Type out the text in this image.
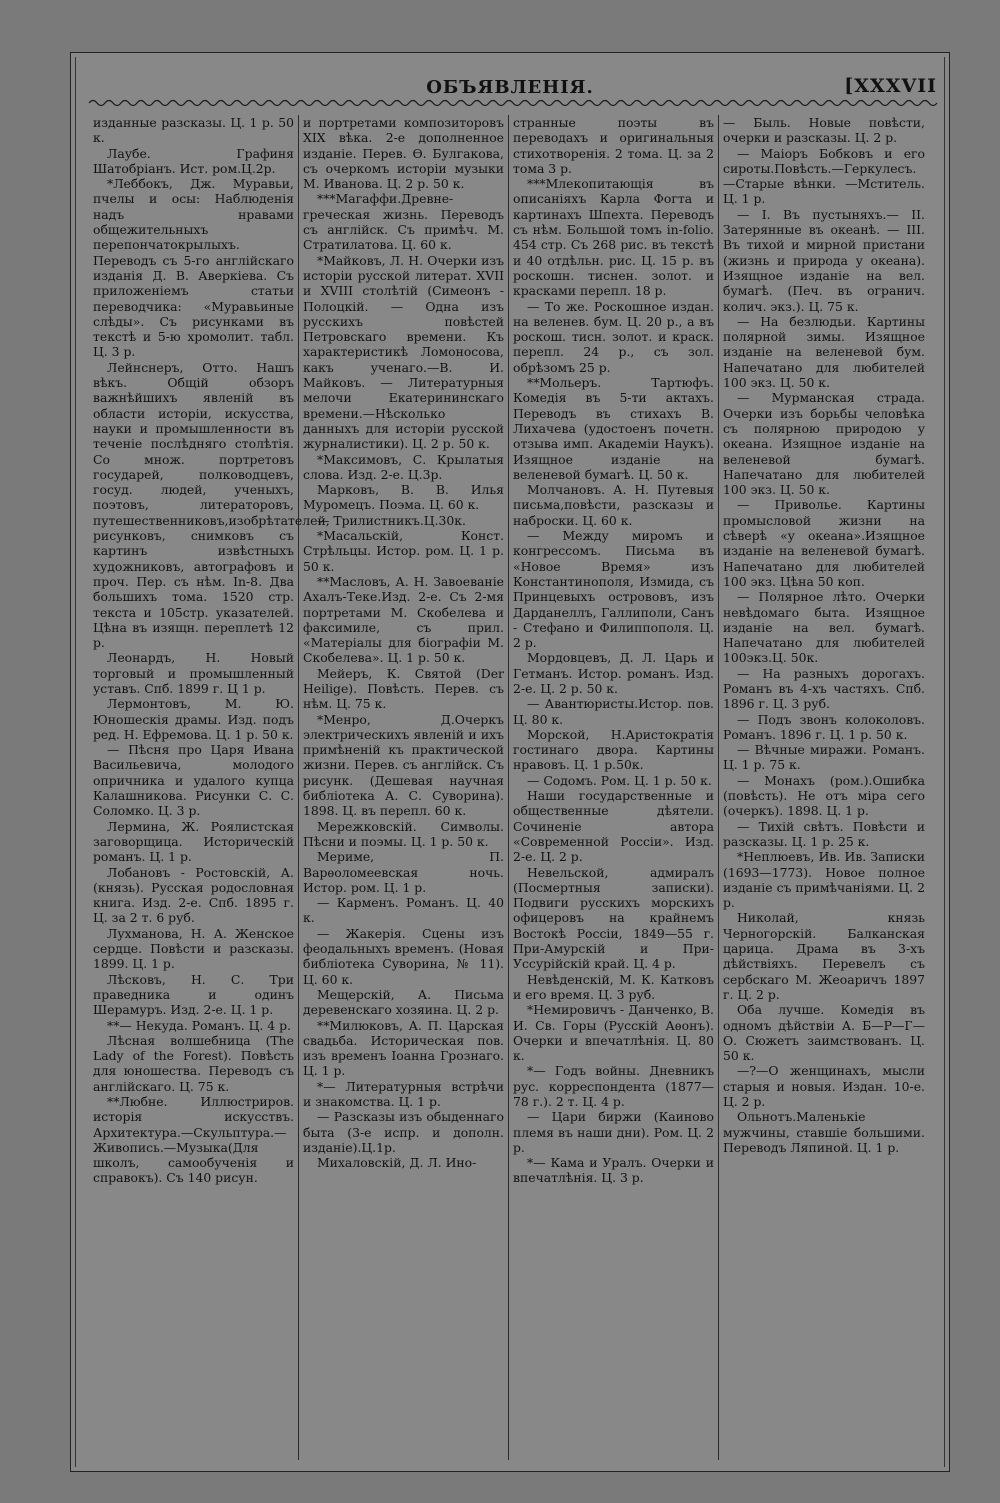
ОБЪЯВЛЕНІЯ.	[XXXVII

изданные разсказы. Ц. 1 р. 50 к.

Лаубе. Графиня Шатобріанъ. Ист. ром.Ц.2р.

*Леббокъ, Дж. Муравьи, пчелы и осы: Наблюденія надъ нравами общежительныхъ перепончатокрылыхъ. Переводъ съ 5-го англійскаго изданія Д. В. Аверкіева. Съ приложеніемъ статьи переводчика: «Муравьиные слѣды». Съ рисунками въ текстѣ и 5-ю хромолит. табл. Ц. 3 р.

Лейнснеръ, Отто. Нашъ вѣкъ. Общій обзоръ важнѣйшихъ явленій въ области исторіи, искусства, науки и промышленности въ теченіе послѣдняго столѣтія. Со множ. портретовъ государей, полководцевъ, госуд. людей, ученыхъ, поэтовъ, литераторовъ, путешественниковъ,изобрѣтателей, рисунковъ, снимковъ съ картинъ извѣстныхъ художниковъ, автографовъ и проч. Пер. съ нѣм. In-8. Два большихъ тома. 1520 стр. текста и 105стр. указателей. Цѣна въ изящн. переплетѣ 12 р.

Леонардъ, Н. Новый торговый и промышленный уставъ. Спб. 1899 г. Ц 1 р.

Лермонтовъ, М. Ю. Юношескія драмы. Изд. подъ ред. Н. Ефремова. Ц. 1 р. 50 к.

— Пѣсня про Царя Ивана Васильевича, молодого опричника и удалого купца Калашникова. Рисунки С. С. Соломко. Ц. 3 р.

Лермина, Ж. Роялистская заговорщица. Историческій романъ. Ц. 1 р.

Лобановъ - Ростовскій, А. (князь). Русская родословная книга. Изд. 2-е. Спб. 1895 г. Ц. за 2 т. 6 руб.

Лухманова, Н. А. Женское сердце. Повѣсти и разсказы. 1899. Ц. 1 р.

Лѣсковъ, Н. С. Три праведника и одинъ Шерамуръ. Изд. 2-е. Ц. 1 р.

**— Некуда. Романъ. Ц. 4 р.

Лѣсная волшебница (The Lady of the Forest). Повѣсть для юношества. Переводъ съ англійскаго. Ц. 75 к.

**Любне. Иллюстриров. исторія искусствъ. Архитектура.—Скульптура.—Живопись.—Музыка(Для школъ, самообученія и справокъ). Съ 140 рисун.

и портретами композиторовъ XIX вѣка. 2-е дополненное изданіе. Перев. Ѳ. Булгакова, съ очеркомъ исторіи музыки М. Иванова. Ц. 2 р. 50 к.

***Магаффи.Древне-греческая жизнь. Переводъ съ англійск. Съ примѣч. М. Стратилатова. Ц. 60 к.

*Майковъ, Л. Н. Очерки изъ исторіи русской литерат. XVII и XVIII столѣтій (Симеонъ - Полоцкій. — Одна изъ русскихъ повѣстей Петровскаго времени. Къ характеристикѣ Ломоносова, какъ ученаго.—В. И. Майковъ. — Литературныя мелочи Екатерининскаго времени.—Нѣсколько данныхъ для исторіи русской журналистики). Ц. 2 р. 50 к.

*Максимовъ, С. Крылатыя слова. Изд. 2-е. Ц.3р.

Марковъ, В. В. Илья Муромецъ. Поэма. Ц. 60 к.

— Трилистникъ.Ц.30к.

*Масальскій, Конст. Стрѣльцы. Истор. ром. Ц. 1 р. 50 к.

**Масловъ, А. Н. Завоеваніе Ахалъ-Теке.Изд. 2-е. Съ 2-мя портретами М. Скобелева и факсимиле, съ прил. «Матеріалы для біографіи М. Скобелева». Ц. 1 р. 50 к.

Мейеръ, К. Святой (Der Heilige). Повѣсть. Перев. съ нѣм. Ц. 75 к.

*Менро, Д.Очеркъ электрическихъ явленій и ихъ примѣненій къ практической жизни. Перев. съ англійск. Съ рисунк. (Дешевая научная библіотека А. С. Суворина). 1898. Ц. въ перепл. 60 к.

Мережковскій. Символы. Пѣсни и поэмы. Ц. 1 р. 50 к.

Мериме, П. Варѳоломеевская ночь. Истор. ром. Ц. 1 р.

— Карменъ. Романъ. Ц. 40 к.

— Жакерія. Сцены изъ феодальныхъ временъ. (Новая библіотека Суворина, № 11). Ц. 60 к.

Мещерскій, А. Письма деревенскаго хозяина. Ц. 2 р.

**Милюковъ, А. П. Царская свадьба. Историческая пов. изъ временъ Іоанна Грознаго. Ц. 1 р.

*— Литературныя встрѣчи и знакомства. Ц. 1 р.

— Разсказы изъ обыденнаго быта (3-е испр. и дополн. изданіе).Ц.1р.

Михаловскій, Д. Л. Ино-

странные поэты въ переводахъ и оригинальныя стихотворенія. 2 тома. Ц. за 2 тома 3 р.

***Млекопитающія въ описаніяхъ Карла Фогта и картинахъ Шпехта. Переводъ съ нѣм. Большой томъ in-folio. 454 стр. Съ 268 рис. въ текстѣ и 40 отдѣльн. рис. Ц. 15 р. въ роскошн. тиснен. золот. и красками перепл. 18 р.

— То же. Роскошное издан. на веленев. бум. Ц. 20 р., а въ роскош. тисн. золот. и краск. перепл. 24 р., съ зол. обрѣзомъ 25 р.

**Мольеръ. Тартюфъ. Комедія въ 5-ти актахъ. Переводъ въ стихахъ В. Лихачева (удостоенъ почетн. отзыва имп. Академіи Наукъ). Изящное изданіе на веленевой бумагѣ. Ц. 50 к.

Молчановъ. А. Н. Путевыя письма,повѣсти, разсказы и наброски. Ц. 60 к.

— Между миромъ и конгрессомъ. Письма въ «Новое Время» изъ Константинополя, Измида, съ Принцевыхъ острововъ, изъ Дарданеллъ, Галлиполи, Санъ - Стефано и Филиппополя. Ц. 2 р.

Мордовцевъ, Д. Л. Царь и Гетманъ. Истор. романъ. Изд. 2-е. Ц. 2 р. 50 к.

— Авантюристы.Истор. пов. Ц. 80 к.

Морской, Н.Аристократія гостинаго двора. Картины нравовъ. Ц. 1 р.50к.

— Содомъ. Ром. Ц. 1 р. 50 к.

Наши государственные и общественные дѣятели. Сочиненіе автора «Современной Россіи». Изд. 2-е. Ц. 2 р.

Невельской, адмиралъ (Посмертныя записки). Подвиги русскихъ морскихъ офицеровъ на крайнемъ Востокѣ Россіи, 1849—55 г. При-Амурскій и При-Уссурійскій край. Ц. 4 р.

Невѣденскій, М. К. Катковъ и его время. Ц. 3 руб.

*Немировичъ - Данченко, В. И. Св. Горы (Русскій Аѳонъ). Очерки и впечатлѣнія. Ц. 80 к.

*— Годъ войны. Дневникъ рус. корреспондента (1877—78 г.). 2 т. Ц. 4 р.

— Цари биржи (Каиново племя въ наши дни). Ром. Ц. 2 р.

*— Кама и Уралъ. Очерки и впечатлѣнія. Ц. 3 р.

— Быль. Новые повѣсти, очерки и разсказы. Ц. 2 р.

— Маіоръ Бобковъ и его сироты.Повѣсть.—Геркулесъ.—Старые вѣнки. —Мститель. Ц. 1 р.

— I. Въ пустыняхъ.— II. Затерянные въ океанѣ. — III. Въ тихой и мирной пристани (жизнь и природа у океана). Изящное изданіе на вел. бумагѣ. (Печ. въ огранич. колич. экз.). Ц. 75 к.

— На безлюдьи. Картины полярной зимы. Изящное изданіе на веленевой бум. Напечатано для любителей 100 экз. Ц. 50 к.

— Мурманская страда. Очерки изъ борьбы человѣка съ полярною природою у океана. Изящное изданіе на веленевой бумагѣ. Напечатано для любителей 100 экз. Ц. 50 к.

— Приволье. Картины промысловой жизни на сѣверѣ «у океана».Изящное изданіе на веленевой бумагѣ. Напечатано для любителей 100 экз. Цѣна 50 коп.

— Полярное лѣто. Очерки невѣдомаго быта. Изящное изданіе на вел. бумагѣ. Напечатано для любителей 100экз.Ц. 50к.

— На разныхъ дорогахъ. Романъ въ 4-хъ частяхъ. Спб. 1896 г. Ц. 3 руб.

— Подъ звонъ колоколовъ. Романъ. 1896 г. Ц. 1 р. 50 к.

— Вѣчные миражи. Романъ. Ц. 1 р. 75 к.

— Монахъ (ром.).Ошибка (повѣсть). Не отъ міра сего (очеркъ). 1898. Ц. 1 р.

— Тихій свѣтъ. Повѣсти и разсказы. Ц. 1 р. 25 к.

*Неплюевъ, Ив. Ив. Записки (1693—1773). Новое полное изданіе съ примѣчаніями. Ц. 2 р.

Николай, князь Черногорскій. Балканская царица. Драма въ 3-хъ дѣйствіяхъ. Перевелъ съ сербскаго М. Жеоаричъ 1897 г. Ц. 2 р.

Оба лучше. Комедія въ одномъ дѣйствіи А. Б—Р—Г—О. Сюжетъ заимствованъ. Ц. 50 к.

—?—О женщинахъ, мысли старыя и новыя. Издан. 10-е. Ц. 2 р.

Ольнотъ.Маленькіе мужчины, ставшіе большими. Переводъ Ляпиной. Ц. 1 р.
